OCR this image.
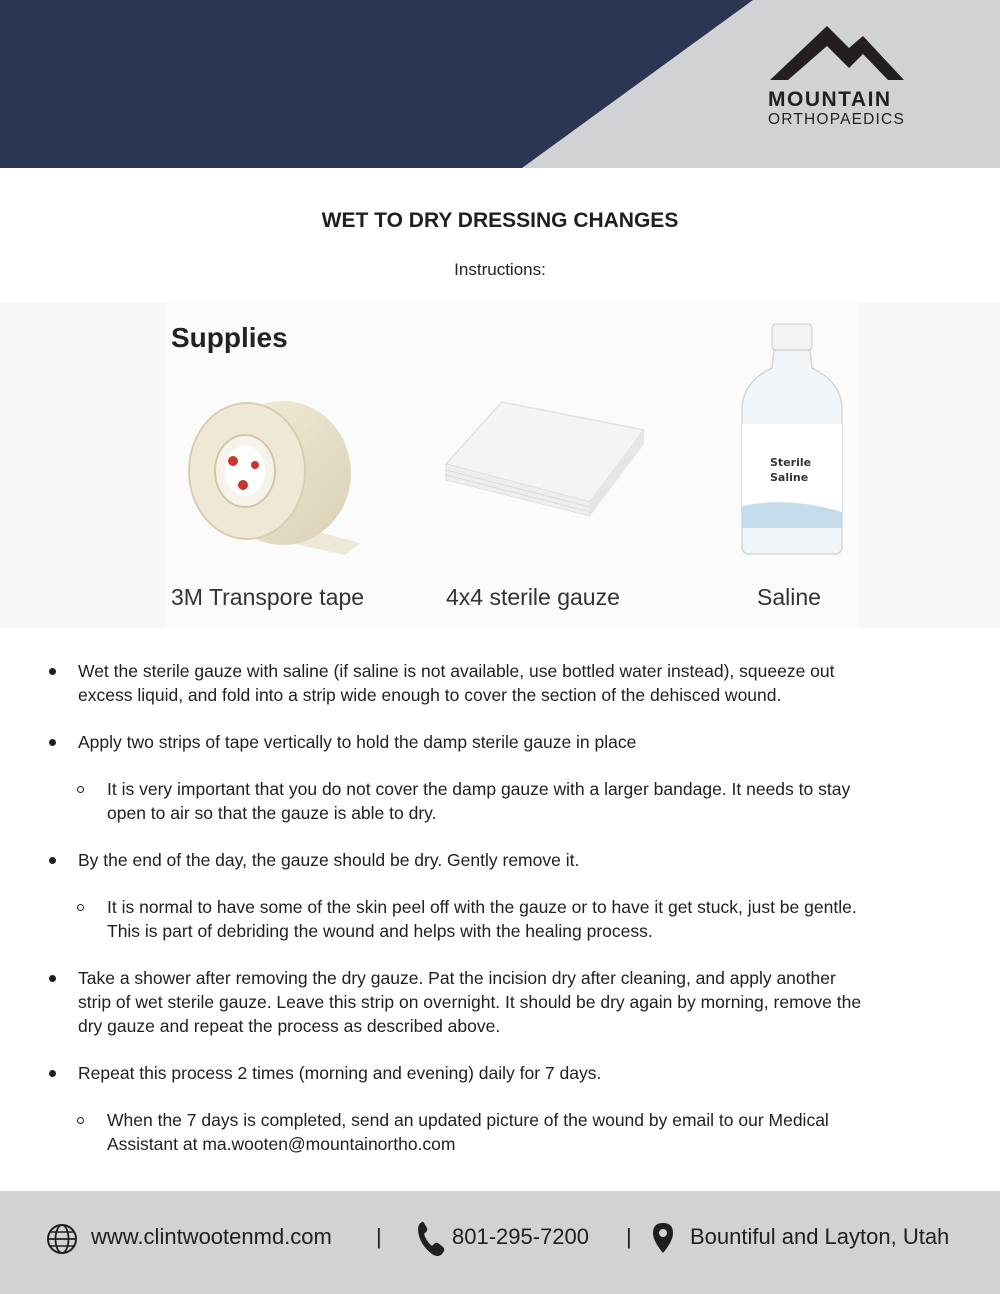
MOUNTAIN
ORTHOPAEDICS
WET TO DRY DRESSING CHANGES
Instructions:
Supplies
Sterile
Saline
3M Transpore tape	4x4 sterile gauze	Saline
Wet the sterile gauze with saline (if saline is not available, use bottled water instead), squeeze out
excess liquid, and fold into a strip wide enough to cover the section of the dehisced wound.
Apply two strips of tape vertically to hold the damp sterile gauze in place
It is very important that you do not cover the damp gauze with a larger bandage. It needs to stay
open to air so that the gauze is able to dry.
By the end of the day, the gauze should be dry. Gently remove it.
It is normal to have some of the skin peel off with the gauze or to have it get stuck, just be gentle.
This is part of debriding the wound and helps with the healing process.
Take a shower after removing the dry gauze. Pat the incision dry after cleaning, and apply another
strip of wet sterile gauze. Leave this strip on overnight. It should be dry again by morning, remove the
dry gauze and repeat the process as described above.
Repeat this process 2 times (morning and evening) daily for 7 days.
When the 7 days is completed, send an updated picture of the wound by email to our Medical
Assistant at ma.wooten@mountainortho.com
www.clintwootenmd.com |	801-295-7200 |	Bountiful and Layton, Utah
